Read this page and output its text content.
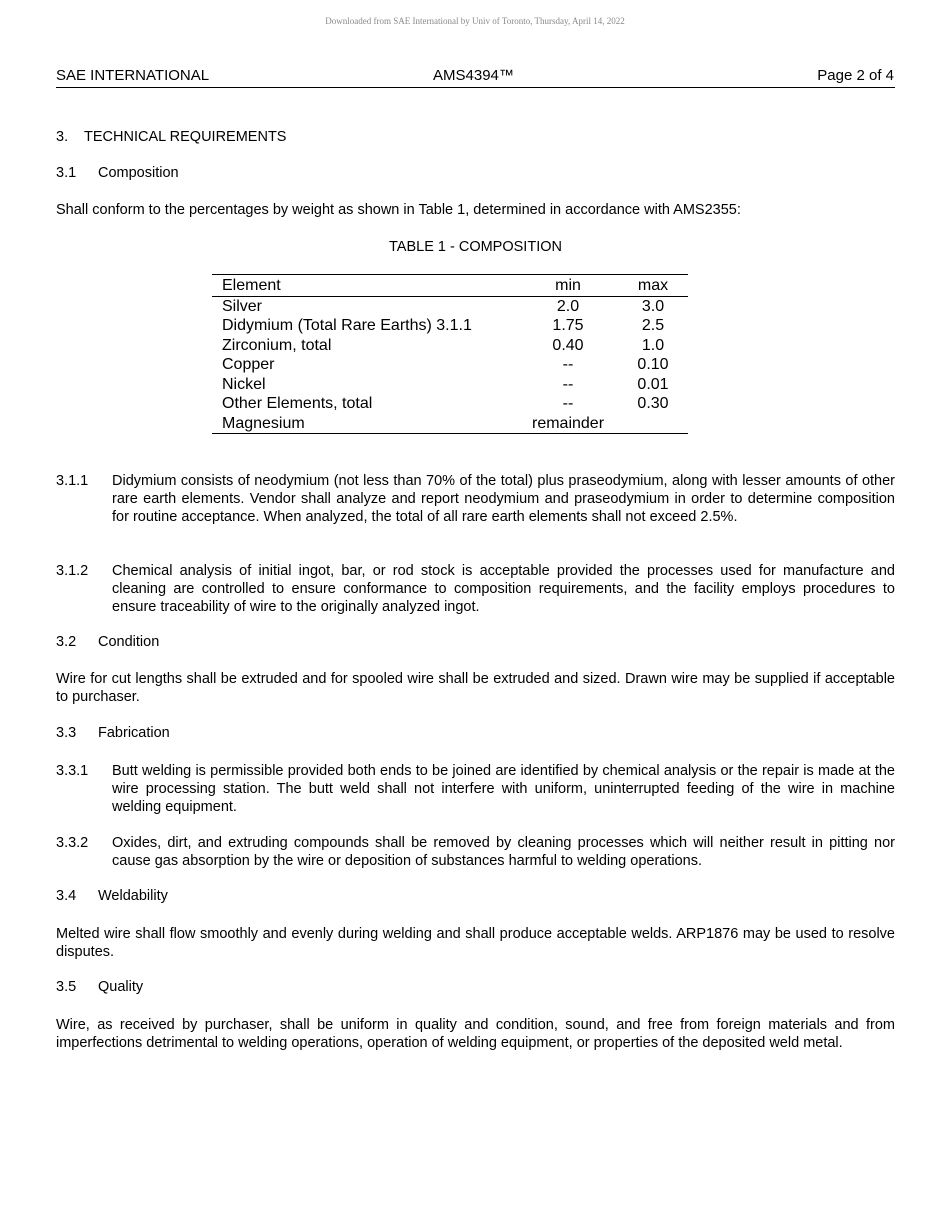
Downloaded from SAE International by Univ of Toronto, Thursday, April 14, 2022
SAE INTERNATIONAL	AMS4394™	Page 2 of 4
3. TECHNICAL REQUIREMENTS
3.1 Composition
Shall conform to the percentages by weight as shown in Table 1, determined in accordance with AMS2355:
TABLE 1 - COMPOSITION
Element	min	max
Silver	2.0	3.0
Didymium (Total Rare Earths) 3.1.1	1.75	2.5
Zirconium, total	0.40	1.0
Copper	--	0.10
Nickel	--	0.01
Other Elements, total	--	0.30
Magnesium	remainder	
3.1.1 Didymium consists of neodymium (not less than 70% of the total) plus praseodymium, along with lesser amounts of other rare earth elements. Vendor shall analyze and report neodymium and praseodymium in order to determine composition for routine acceptance. When analyzed, the total of all rare earth elements shall not exceed 2.5%.
3.1.2 Chemical analysis of initial ingot, bar, or rod stock is acceptable provided the processes used for manufacture and cleaning are controlled to ensure conformance to composition requirements, and the facility employs procedures to ensure traceability of wire to the originally analyzed ingot.
3.2 Condition
Wire for cut lengths shall be extruded and for spooled wire shall be extruded and sized. Drawn wire may be supplied if acceptable to purchaser.
3.3 Fabrication
3.3.1 Butt welding is permissible provided both ends to be joined are identified by chemical analysis or the repair is made at the wire processing station. The butt weld shall not interfere with uniform, uninterrupted feeding of the wire in machine welding equipment.
3.3.2 Oxides, dirt, and extruding compounds shall be removed by cleaning processes which will neither result in pitting nor cause gas absorption by the wire or deposition of substances harmful to welding operations.
3.4 Weldability
Melted wire shall flow smoothly and evenly during welding and shall produce acceptable welds. ARP1876 may be used to resolve disputes.
3.5 Quality
Wire, as received by purchaser, shall be uniform in quality and condition, sound, and free from foreign materials and from imperfections detrimental to welding operations, operation of welding equipment, or properties of the deposited weld metal.
